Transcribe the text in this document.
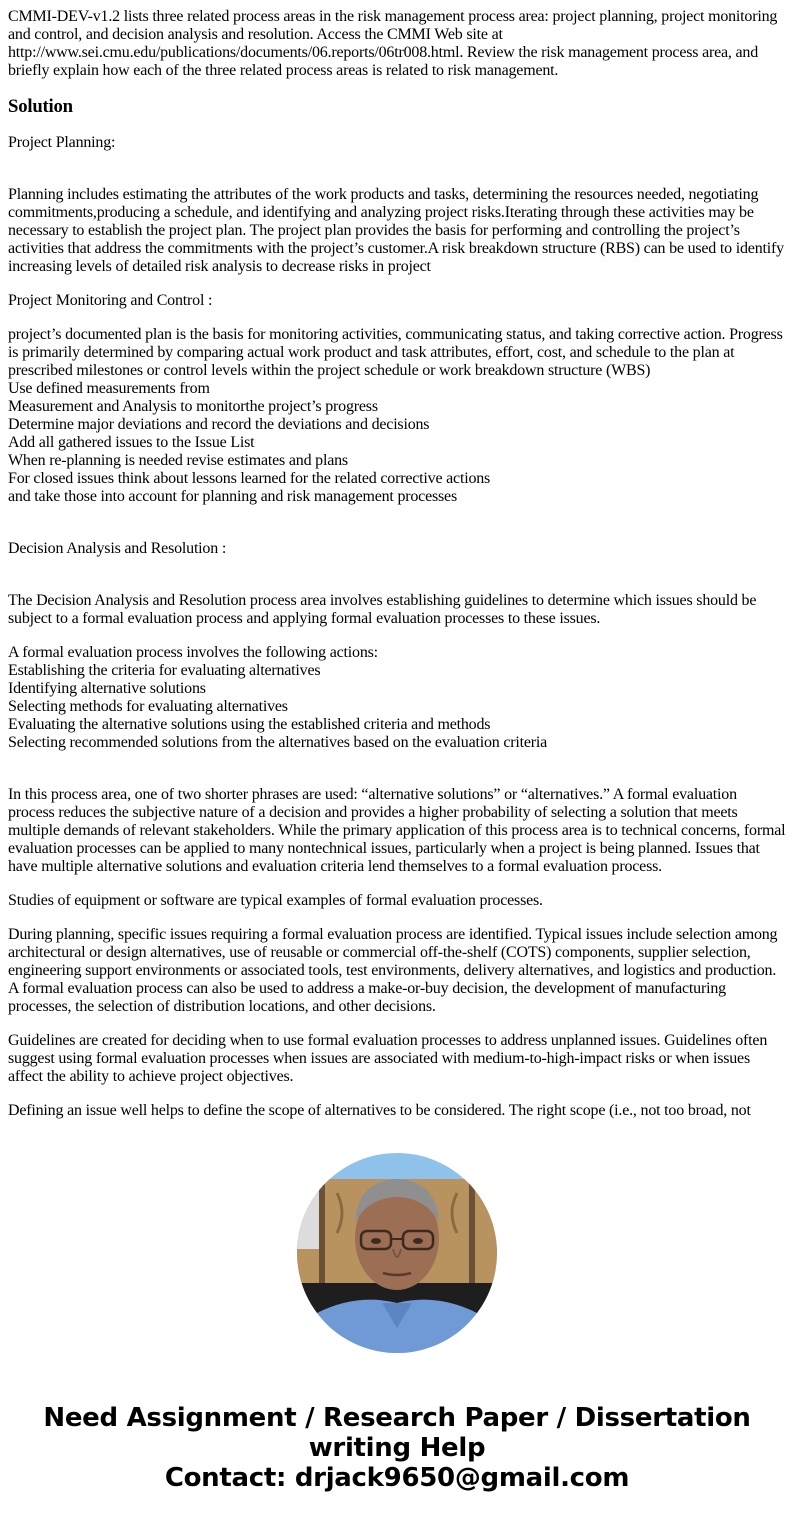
CMMI-DEV-v1.2 lists three related process areas in the risk management process area: project planning, project monitoring and control, and decision analysis and resolution. Access the CMMI Web site at http://www.sei.cmu.edu/publications/documents/06.reports/06tr008.html. Review the risk management process area, and briefly explain how each of the three related process areas is related to risk management.

Solution

Project Planning:

Planning includes estimating the attributes of the work products and tasks, determining the resources needed, negotiating commitments,producing a schedule, and identifying and analyzing project risks.Iterating through these activities may be necessary to establish the project plan. The project plan provides the basis for performing and controlling the project’s activities that address the commitments with the project’s customer.A risk breakdown structure (RBS) can be used to identify increasing levels of detailed risk analysis to decrease risks in project

Project Monitoring and Control :

project’s documented plan is the basis for monitoring activities, communicating status, and taking corrective action. Progress is primarily determined by comparing actual work product and task attributes, effort, cost, and schedule to the plan at prescribed milestones or control levels within the project schedule or work breakdown structure (WBS)
Use defined measurements from
Measurement and Analysis to monitorthe project’s progress
Determine major deviations and record the deviations and decisions
Add all gathered issues to the Issue List
When re-planning is needed revise estimates and plans
For closed issues think about lessons learned for the related corrective actions
and take those into account for planning and risk management processes

Decision Analysis and Resolution :

The Decision Analysis and Resolution process area involves establishing guidelines to determine which issues should be subject to a formal evaluation process and applying formal evaluation processes to these issues.

A formal evaluation process involves the following actions:
Establishing the criteria for evaluating alternatives
Identifying alternative solutions
Selecting methods for evaluating alternatives
Evaluating the alternative solutions using the established criteria and methods
Selecting recommended solutions from the alternatives based on the evaluation criteria

In this process area, one of two shorter phrases are used: “alternative solutions” or “alternatives.” A formal evaluation process reduces the subjective nature of a decision and provides a higher probability of selecting a solution that meets multiple demands of relevant stakeholders. While the primary application of this process area is to technical concerns, formal evaluation processes can be applied to many nontechnical issues, particularly when a project is being planned. Issues that have multiple alternative solutions and evaluation criteria lend themselves to a formal evaluation process.

Studies of equipment or software are typical examples of formal evaluation processes.

During planning, specific issues requiring a formal evaluation process are identified. Typical issues include selection among architectural or design alternatives, use of reusable or commercial off-the-shelf (COTS) components, supplier selection, engineering support environments or associated tools, test environments, delivery alternatives, and logistics and production. A formal evaluation process can also be used to address a make-or-buy decision, the development of manufacturing processes, the selection of distribution locations, and other decisions.

Guidelines are created for deciding when to use formal evaluation processes to address unplanned issues. Guidelines often suggest using formal evaluation processes when issues are associated with medium-to-high-impact risks or when issues affect the ability to achieve project objectives.

Defining an issue well helps to define the scope of alternatives to be considered. The right scope (i.e., not too broad, not

Need Assignment / Research Paper / Dissertation
writing Help
Contact: drjack9650@gmail.com
